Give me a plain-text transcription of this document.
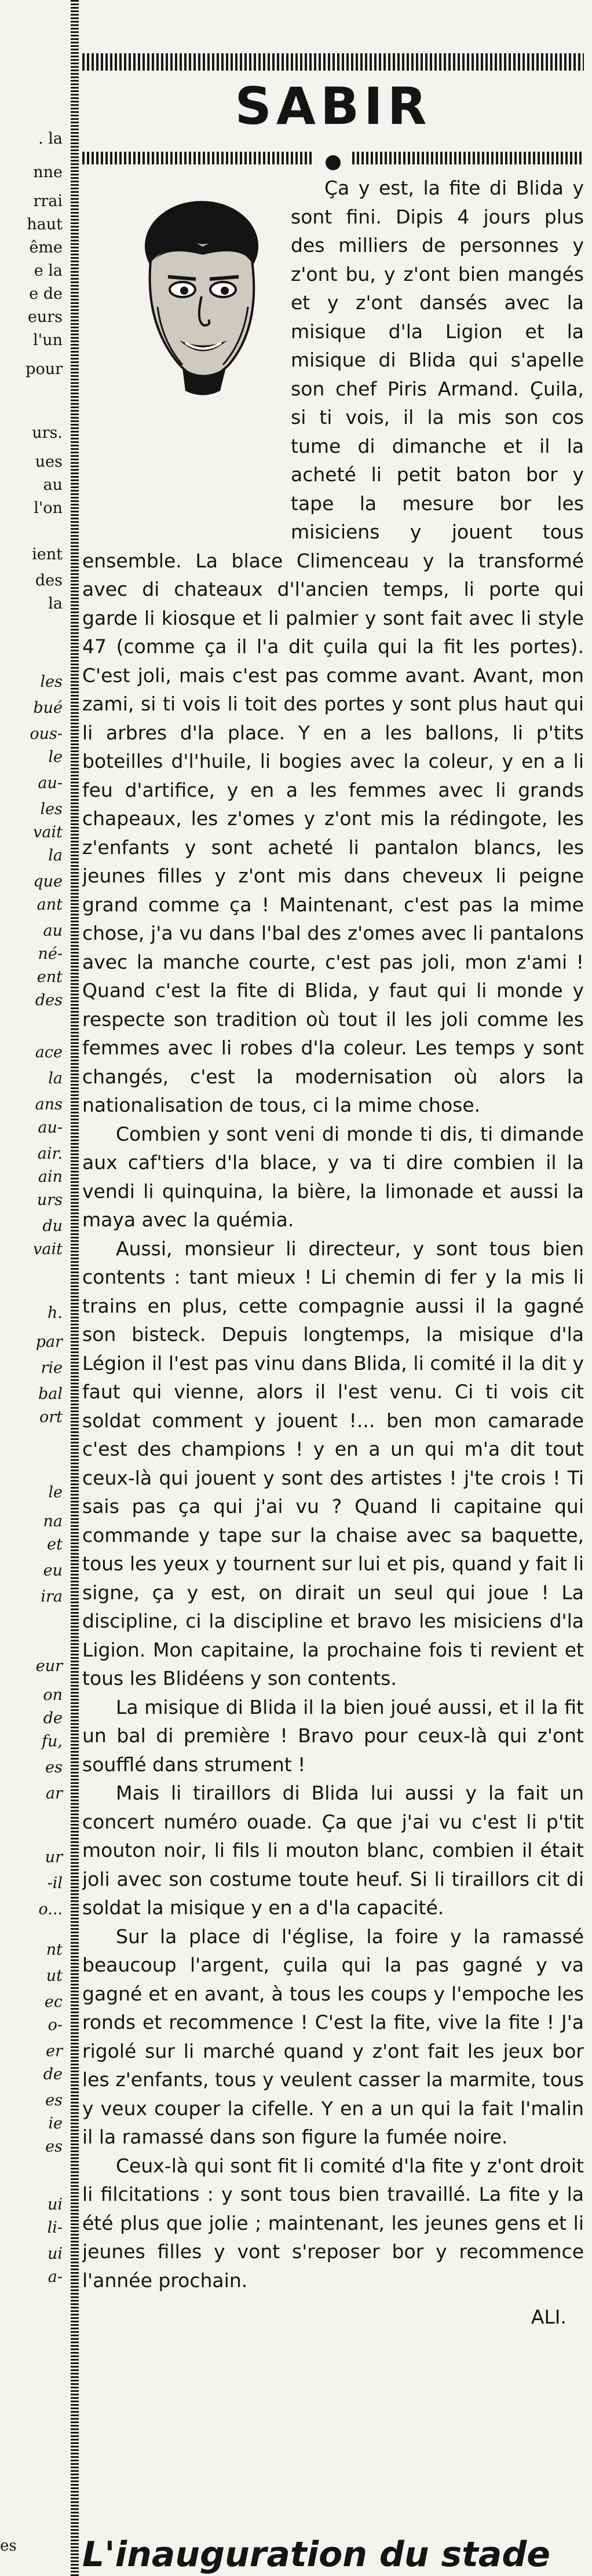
. la
nne
rrai
haut
ême
e la
e de
eurs
l'un
pour
urs.
ues
au
l'on
ient
des
la
les
bué
ous-
le
au-
les
vait
la
que
ant
au
né-
ent
des
ace
la
ans
au-
air.
ain
urs
du
vait
h.
par
rie
bal
ort
le
na
et
eu
ira
eur
on
de
fu,
es
ar
ur
-il
o...
nt
ut
ec
o-
er
de
es
ie
es
ui
li-
ui
a-
SABIR

Ça y est, la fite di Blida y sont fini. Dipis 4 jours plus des milliers de personnes y z'ont bu, y z'ont bien mangés et y z'ont dansés avec la misique d'la Ligion et la misique di Blida qui s'apelle son chef Piris Armand. Çuila, si ti vois, il la mis son cos tume di dimanche et il la acheté li petit baton bor y tape la mesure bor les misiciens y jouent tous ensemble. La blace Climenceau y la transformé avec di chateaux d'l'ancien temps, li porte qui garde li kiosque et li palmier y sont fait avec li style 47 (comme ça il l'a dit çuila qui la fit les portes). C'est joli, mais c'est pas comme avant. Avant, mon zami, si ti vois li toit des portes y sont plus haut qui li arbres d'la place. Y en a les ballons, li p'tits boteilles d'l'huile, li bogies avec la coleur, y en a li feu d'artifice, y en a les femmes avec li grands chapeaux, les z'omes y z'ont mis la rédingote, les z'enfants y sont acheté li pantalon blancs, les jeunes filles y z'ont mis dans cheveux li peigne grand comme ça ! Maintenant, c'est pas la mime chose, j'a vu dans l'bal des z'omes avec li pantalons avec la manche courte, c'est pas joli, mon z'ami ! Quand c'est la fite di Blida, y faut qui li monde y respecte son tradition où tout il les joli comme les femmes avec li robes d'la coleur. Les temps y sont changés, c'est la modernisation où alors la nationalisation de tous, ci la mime chose.

Combien y sont veni di monde ti dis, ti dimande aux caf'tiers d'la blace, y va ti dire combien il la vendi li quinquina, la bière, la limonade et aussi la maya avec la quémia.

Aussi, monsieur li directeur, y sont tous bien contents : tant mieux ! Li chemin di fer y la mis li trains en plus, cette compagnie aussi il la gagné son bisteck. Depuis longtemps, la misique d'la Légion il l'est pas vinu dans Blida, li comité il la dit y faut qui vienne, alors il l'est venu. Ci ti vois cit soldat comment y jouent !... ben mon camarade c'est des champions ! y en a un qui m'a dit tout ceux-là qui jouent y sont des artistes ! j'te crois ! Ti sais pas ça qui j'ai vu ? Quand li capitaine qui commande y tape sur la chaise avec sa baquette, tous les yeux y tournent sur lui et pis, quand y fait li signe, ça y est, on dirait un seul qui joue ! La discipline, ci la discipline et bravo les misiciens d'la Ligion. Mon capitaine, la prochaine fois ti revient et tous les Blidéens y son contents.

La misique di Blida il la bien joué aussi, et il la fit un bal di première ! Bravo pour ceux-là qui z'ont soufflé dans strument !

Mais li tiraillors di Blida lui aussi y la fait un concert numéro ouade. Ça que j'ai vu c'est li p'tit mouton noir, li fils li mouton blanc, combien il était joli avec son costume toute heuf. Si li tiraillors cit di soldat la misique y en a d'la capacité.

Sur la place di l'église, la foire y la ramassé beaucoup l'argent, çuila qui la pas gagné y va gagné et en avant, à tous les coups y l'empoche les ronds et recommence ! C'est la fite, vive la fite ! J'a rigolé sur li marché quand y z'ont fait les jeux bor les z'enfants, tous y veulent casser la marmite, tous y veux couper la cifelle. Y en a un qui la fait l'malin il la ramassé dans son figure la fumée noire.

Ceux-là qui sont fit li comité d'la fite y z'ont droit li filcitations : y sont tous bien travaillé. La fite y la été plus que jolie ; maintenant, les jeunes gens et li jeunes filles y vont s'reposer bor y recommence l'année prochain.

ALI.
es L'inauguration du stade
